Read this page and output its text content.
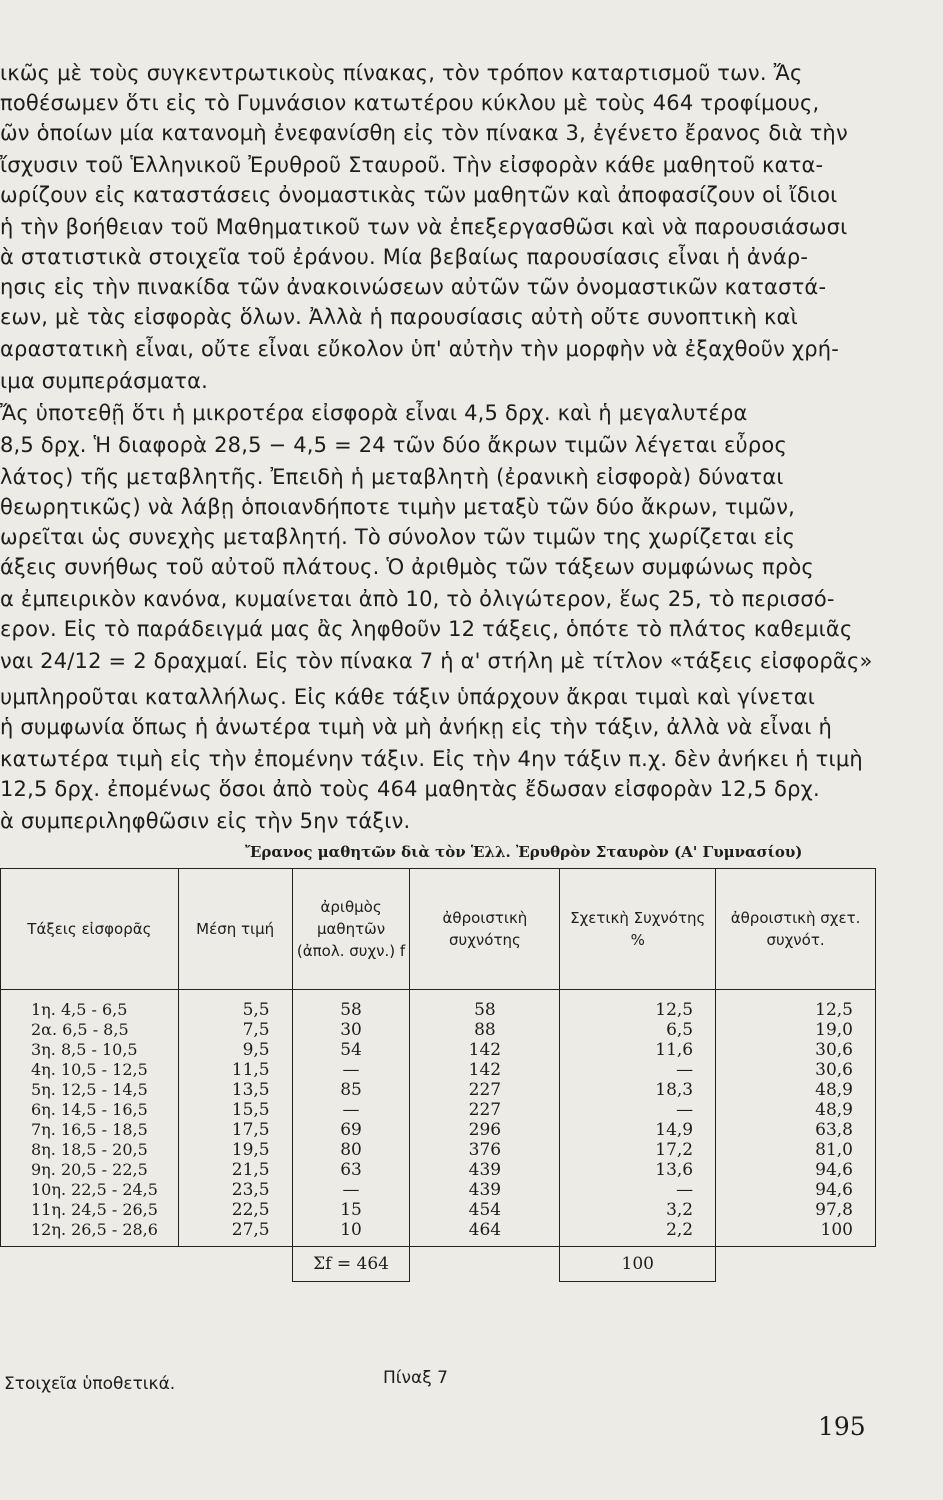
ικῶς μὲ τοὺς συγκεντρωτικοὺς πίνακας, τὸν τρόπον καταρτισμοῦ των. Ἄς
ποθέσωμεν ὅτι εἰς τὸ Γυμνάσιον κατωτέρου κύκλου μὲ τοὺς 464 τροφίμους,
ῶν ὁποίων μία κατανομὴ ἐνεφανίσθη εἰς τὸν πίνακα 3, ἐγένετο ἔρανος διὰ τὴν
ἴσχυσιν τοῦ Ἑλληνικοῦ Ἐρυθροῦ Σταυροῦ. Τὴν εἰσφορὰν κάθε μαθητοῦ κατα-
ωρίζουν εἰς καταστάσεις ὀνομαστικὰς τῶν μαθητῶν καὶ ἀποφασίζουν οἱ ἴδιοι
ἡ τὴν βοήθειαν τοῦ Μαθηματικοῦ των νὰ ἐπεξεργασθῶσι καὶ νὰ παρουσιάσωσι
ὰ στατιστικὰ στοιχεῖα τοῦ ἐράνου. Μία βεβαίως παρουσίασις εἶναι ἡ ἀνάρ-
ησις εἰς τὴν πινακίδα τῶν ἀνακοινώσεων αὐτῶν τῶν ὀνομαστικῶν καταστά-
εων, μὲ τὰς εἰσφορὰς ὅλων. Ἀλλὰ ἡ παρουσίασις αὐτὴ οὔτε συνοπτικὴ καὶ
αραστατικὴ εἶναι, οὔτε εἶναι εὔκολον ὑπ' αὐτὴν τὴν μορφὴν νὰ ἐξαχθοῦν χρή-
ιμα συμπεράσματα.
Ἄς ὑποτεθῇ ὅτι ἡ μικροτέρα εἰσφορὰ εἶναι 4,5 δρχ. καὶ ἡ μεγαλυτέρα
8,5 δρχ. Ἡ διαφορὰ 28,5 − 4,5 = 24 τῶν δύο ἄκρων τιμῶν λέγεται εὖρος
λάτος) τῆς μεταβλητῆς. Ἐπειδὴ ἡ μεταβλητὴ (ἐρανικὴ εἰσφορὰ) δύναται
θεωρητικῶς) νὰ λάβῃ ὁποιανδήποτε τιμὴν μεταξὺ τῶν δύο ἄκρων, τιμῶν,
ωρεῖται ὡς συνεχὴς μεταβλητή. Τὸ σύνολον τῶν τιμῶν της χωρίζεται εἰς
άξεις συνήθως τοῦ αὐτοῦ πλάτους. Ὁ ἀριθμὸς τῶν τάξεων συμφώνως πρὸς
α ἐμπειρικὸν κανόνα, κυμαίνεται ἀπὸ 10, τὸ ὀλιγώτερον, ἕως 25, τὸ περισσό-
ερον. Εἰς τὸ παράδειγμά μας ἂς ληφθοῦν 12 τάξεις, ὁπότε τὸ πλάτος καθεμιᾶς
ναι 24/12 = 2 δραχμαί. Εἰς τὸν πίνακα 7 ἡ α' στήλη μὲ τίτλον «τάξεις εἰσφορᾶς»
υμπληροῦται καταλλήλως. Εἰς κάθε τάξιν ὑπάρχουν ἄκραι τιμαὶ καὶ γίνεται
ἡ συμφωνία ὅπως ἡ ἀνωτέρα τιμὴ νὰ μὴ ἀνήκῃ εἰς τὴν τάξιν, ἀλλὰ νὰ εἶναι ἡ
κατωτέρα τιμὴ εἰς τὴν ἐπομένην τάξιν. Εἰς τὴν 4ην τάξιν π.χ. δὲν ἀνήκει ἡ τιμὴ
12,5 δρχ. ἐπομένως ὅσοι ἀπὸ τοὺς 464 μαθητὰς ἔδωσαν εἰσφορὰν 12,5 δρχ.
ὰ συμπεριληφθῶσιν εἰς τὴν 5ην τάξιν.
Ἔρανος μαθητῶν διὰ τὸν Ἑλλ. Ἐρυθρὸν Σταυρὸν (Α' Γυμνασίου)
Τάξεις εἰσφορᾶς	Μέση τιμή	ἀριθμὸς μαθητῶν (ἀπολ. συχν.) f	ἀθροιστικὴ συχνότης	Σχετικὴ Συχνότης %	ἀθροιστικὴ σχετ. συχνότ.
1η. 4,5 - 6,5	5,5	58	58	12,5	12,5
2α. 6,5 - 8,5	7,5	30	88	6,5	19,0
3η. 8,5 - 10,5	9,5	54	142	11,6	30,6
4η. 10,5 - 12,5	11,5	—	142	—	30,6
5η. 12,5 - 14,5	13,5	85	227	18,3	48,9
6η. 14,5 - 16,5	15,5	—	227	—	48,9
7η. 16,5 - 18,5	17,5	69	296	14,9	63,8
8η. 18,5 - 20,5	19,5	80	376	17,2	81,0
9η. 20,5 - 22,5	21,5	63	439	13,6	94,6
10η. 22,5 - 24,5	23,5	—	439	—	94,6
11η. 24,5 - 26,5	22,5	15	454	3,2	97,8
12η. 26,5 - 28,6	27,5	10	464	2,2	100
		Σf = 464		100	
Στοιχεῖα ὑποθετικά.	Πίναξ 7
195
